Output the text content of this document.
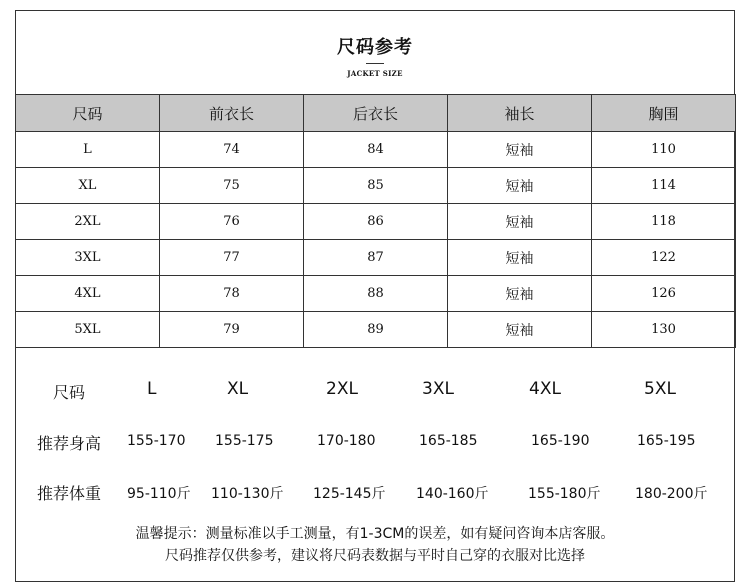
尺码参考
JACKET SIZE
尺码	前衣长	后衣长	袖长	胸围
L	74	84	短袖	110
XL	75	85	短袖	114
2XL	76	86	短袖	118
3XL	77	87	短袖	122
4XL	78	88	短袖	126
5XL	79	89	短袖	130
尺码	L	XL	2XL	3XL	4XL	5XL
推荐身高 155-170 155-175	170-180	165-185	165-190	165-195
推荐体重 95-110斤 110-130斤 125-145斤 140-160斤	155-180斤 180-200斤
温馨提示：测量标准以手工测量，有1-3CM的误差，如有疑问咨询本店客服。
尺码推荐仅供参考，建议将尺码表数据与平时自己穿的衣服对比选择
